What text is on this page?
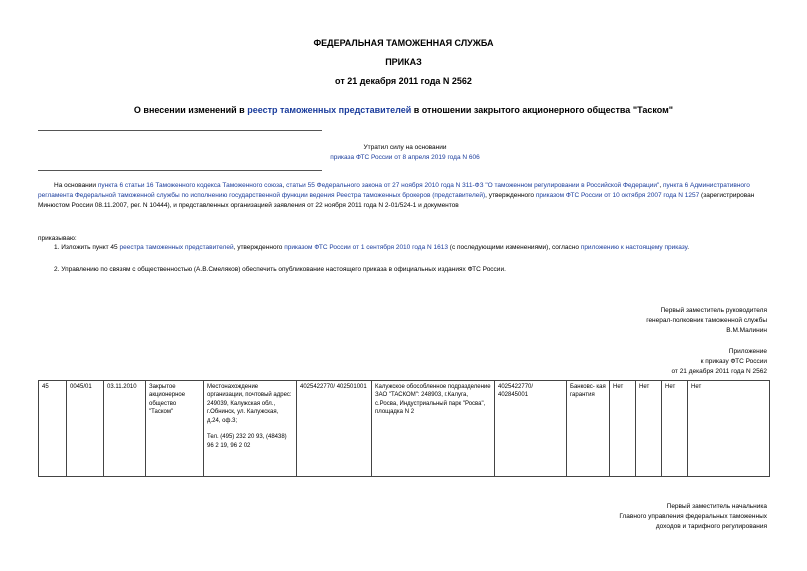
ФЕДЕРАЛЬНАЯ ТАМОЖЕННАЯ СЛУЖБА
ПРИКАЗ
от 21 декабря 2011 года N 2562
О внесении изменений в реестр таможенных представителей в отношении закрытого акционерного общества "Таском"
Утратил силу на основании
приказа ФТС России от 8 апреля 2019 года N 606
На основании пункта 6 статьи 16 Таможенного кодекса Таможенного союза, статьи 55 Федерального закона от 27 ноября 2010 года N 311-ФЗ "О таможенном регулировании в Российской Федерации", пункта 6 Административного регламента Федеральной таможенной службы по исполнению государственной функции ведения Реестра таможенных брокеров (представителей), утвержденного приказом ФТС России от 10 октября 2007 года N 1257 (зарегистрирован Минюстом России 08.11.2007, рег. N 10444), и представленных организацией заявления от 22 ноября 2011 года N 2-01/524-1 и документов
приказываю:
1. Изложить пункт 45 реестра таможенных представителей, утвержденного приказом ФТС России от 1 сентября 2010 года N 1613 (с последующими изменениями), согласно приложению к настоящему приказу.
2. Управлению по связям с общественностью (А.В.Смеляков) обеспечить опубликование настоящего приказа в официальных изданиях ФТС России.
Первый заместитель руководителя
генерал-полковник таможенной службы
В.М.Малинин
Приложение
к приказу ФТС России
от 21 декабря 2011 года N 2562
45	0045/01	03.11.2010	Закрытое акционерное общество "Таском"	Местонахождение организации, почтовый адрес: 249039, Калужская обл., г.Обнинск, ул. Калужская, д.24, оф.3;

Тел. (495) 232 20 93, (48438) 96 2 19, 96 2 02	4025422770/ 402501001	Калужское обособленное подразделение ЗАО "ТАСКОМ": 248903, г.Калуга, с.Росва, Индустриальный парк "Росва", площадка N 2	4025422770/ 402845001	Банковс- кая гарантия	Нет	Нет	Нет	Нет
Первый заместитель начальника
Главного управления федеральных таможенных
доходов и тарифного регулирования
